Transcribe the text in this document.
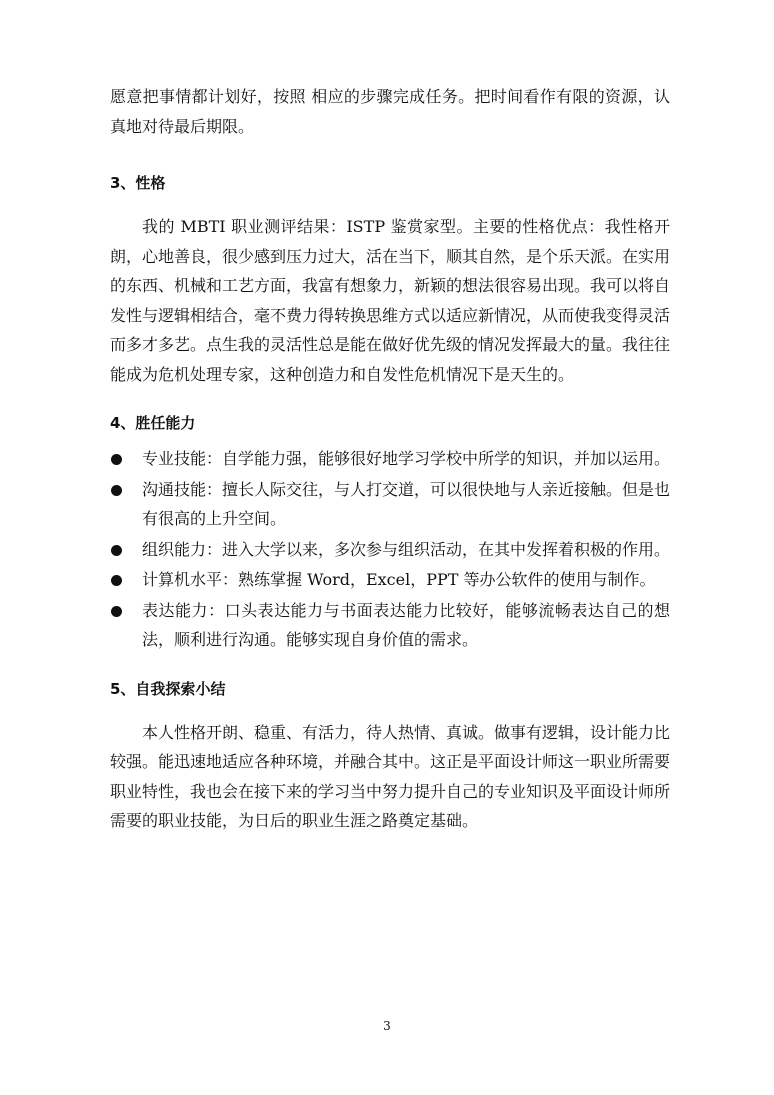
愿意把事情都计划好，按照 相应的步骤完成任务。把时间看作有限的资源，认真地对待最后期限。

3、性格

我的 MBTI 职业测评结果：ISTP 鉴赏家型。主要的性格优点：我性格开朗，心地善良，很少感到压力过大，活在当下，顺其自然，是个乐天派。在实用的东西、机械和工艺方面，我富有想象力，新颖的想法很容易出现。我可以将自发性与逻辑相结合，毫不费力得转换思维方式以适应新情况，从而使我变得灵活而多才多艺。点生我的灵活性总是能在做好优先级的情况发挥最大的量。我往往能成为危机处理专家，这种创造力和自发性危机情况下是天生的。

4、胜任能力
专业技能：自学能力强，能够很好地学习学校中所学的知识，并加以运用。
沟通技能：擅长人际交往，与人打交道，可以很快地与人亲近接触。但是也有很高的上升空间。
组织能力：进入大学以来，多次参与组织活动，在其中发挥着积极的作用。
计算机水平：熟练掌握 Word，Excel，PPT 等办公软件的使用与制作。
表达能力：口头表达能力与书面表达能力比较好，能够流畅表达自己的想法，顺利进行沟通。能够实现自身价值的需求。
5、自我探索小结

本人性格开朗、稳重、有活力，待人热情、真诚。做事有逻辑，设计能力比较强。能迅速地适应各种环境，并融合其中。这正是平面设计师这一职业所需要职业特性，我也会在接下来的学习当中努力提升自己的专业知识及平面设计师所需要的职业技能，为日后的职业生涯之路奠定基础。

3
